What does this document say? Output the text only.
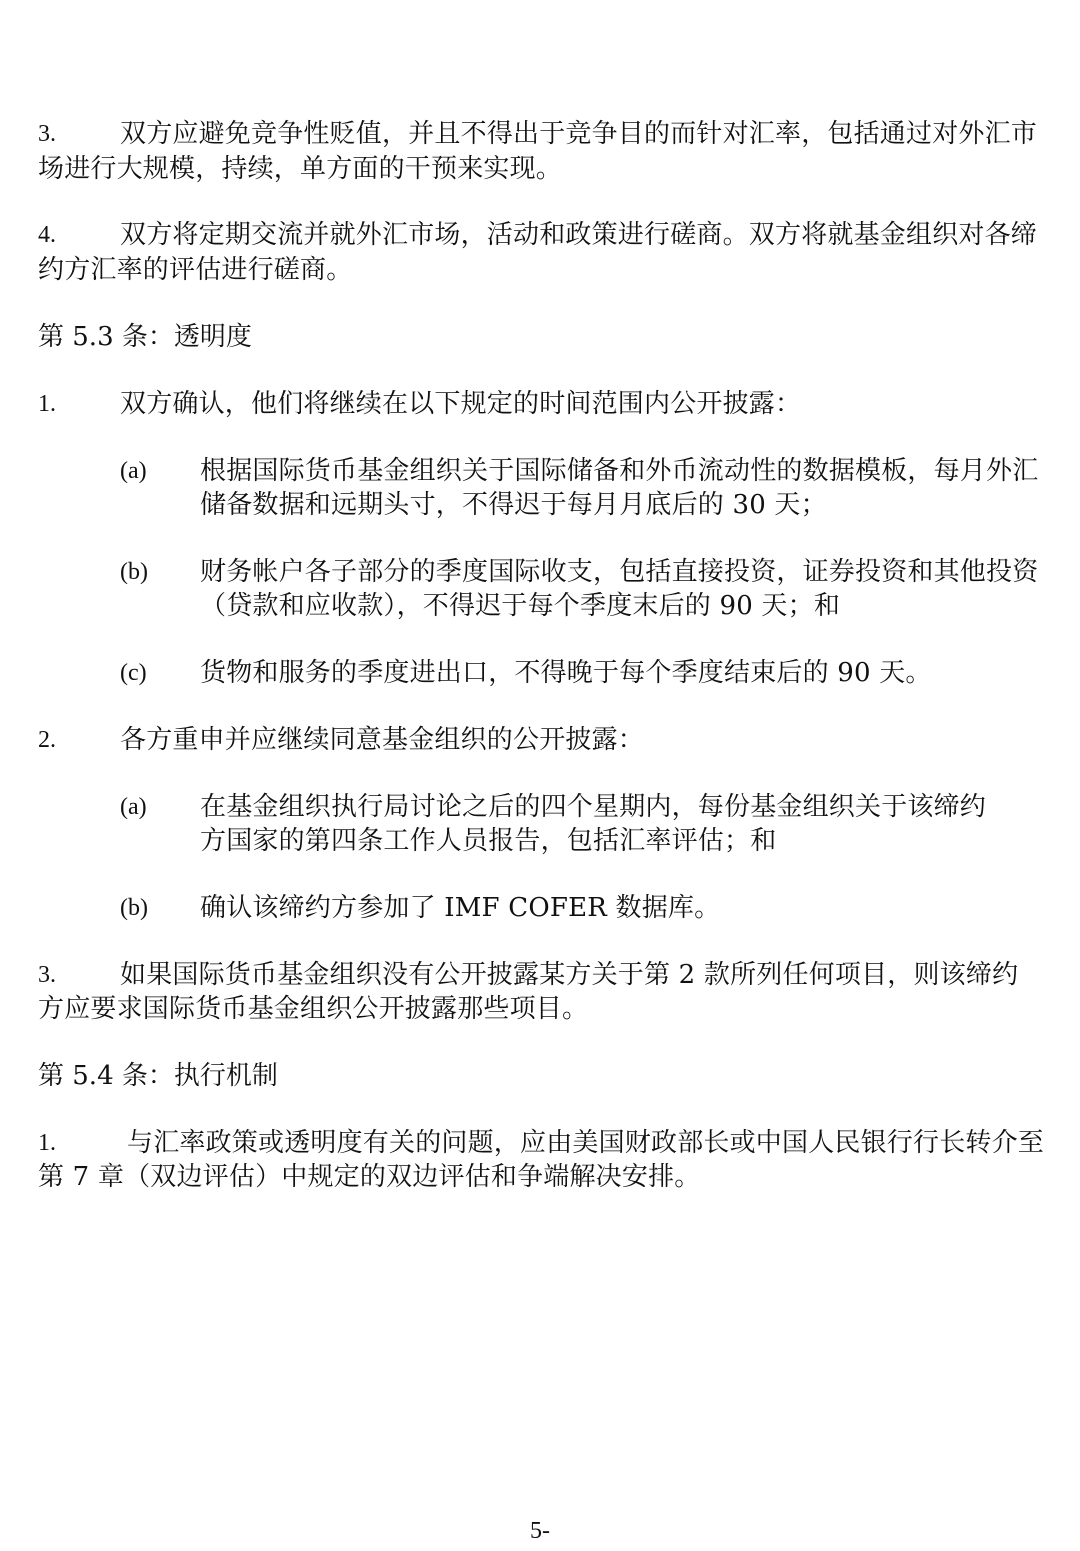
3. 双方应避免竞争性贬值，并且不得出于竞争目的而针对汇率，包括通过对外汇市
场进行大规模，持续，单方面的干预来实现。
4. 双方将定期交流并就外汇市场，活动和政策进行磋商。双方将就基金组织对各缔
约方汇率的评估进行磋商。
第 5.3 条：透明度
1. 双方确认，他们将继续在以下规定的时间范围内公开披露：
(a) 根据国际货币基金组织关于国际储备和外币流动性的数据模板，每月外汇
储备数据和远期头寸，不得迟于每月月底后的 30 天；
(b) 财务帐户各子部分的季度国际收支，包括直接投资，证券投资和其他投资
（贷款和应收款），不得迟于每个季度末后的 90 天；和
(c) 货物和服务的季度进出口，不得晚于每个季度结束后的 90 天。
2. 各方重申并应继续同意基金组织的公开披露：
(a) 在基金组织执行局讨论之后的四个星期内，每份基金组织关于该缔约
方国家的第四条工作人员报告，包括汇率评估；和
(b) 确认该缔约方参加了 IMF COFER 数据库。
3. 如果国际货币基金组织没有公开披露某方关于第 2 款所列任何项目，则该缔约
方应要求国际货币基金组织公开披露那些项目。
第 5.4 条：执行机制
1.	与汇率政策或透明度有关的问题，应由美国财政部长或中国人民银行行长转介至
第 7 章（双边评估）中规定的双边评估和争端解决安排。
5-
